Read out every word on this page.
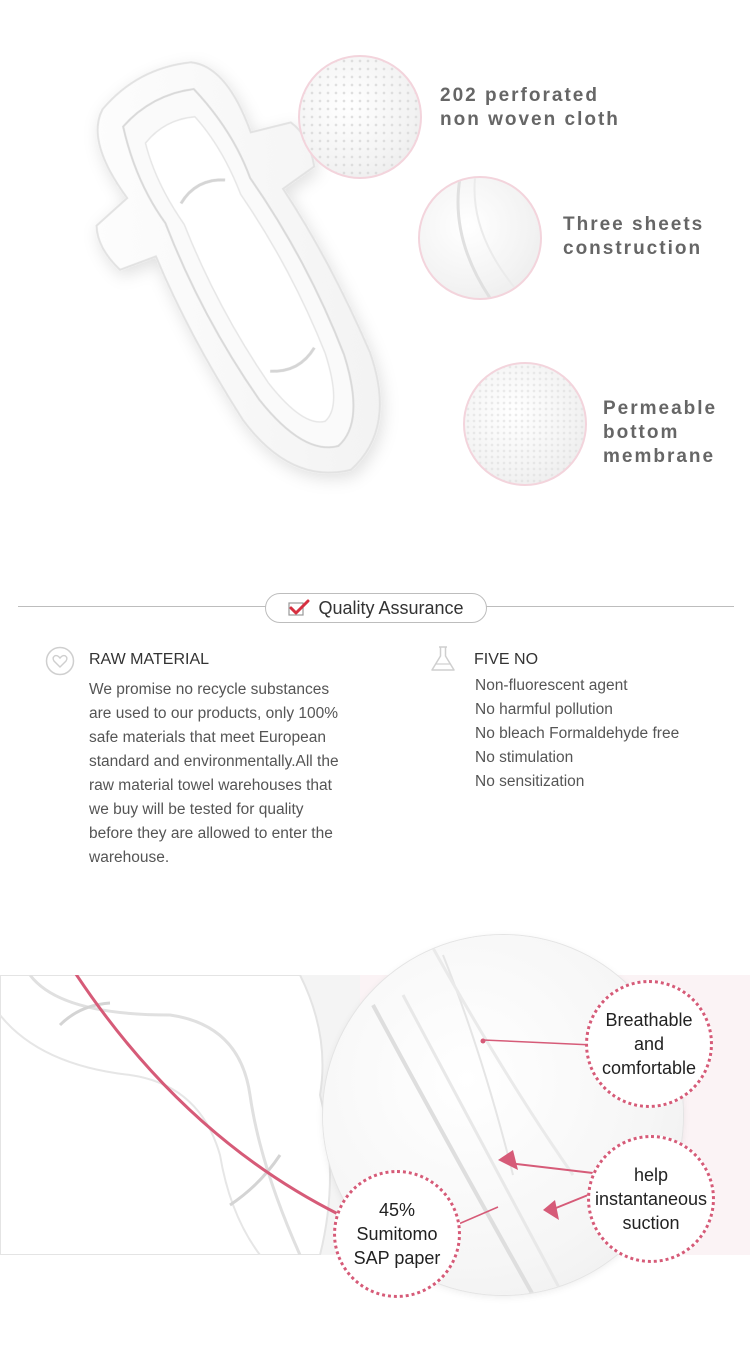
202 perforated
non woven cloth
Three sheets
construction
Permeable
bottom
membrane
Quality Assurance
RAW MATERIAL
We promise no recycle substances
are used to our products, only 100%
safe materials that meet European
standard and environmentally.All the
raw material towel warehouses that
we buy will be tested for quality
before they are allowed to enter the
warehouse.
FIVE NO
Non-fluorescent agent
No harmful pollution
No bleach Formaldehyde free
No stimulation
No sensitization
Breathable
and
comfortable
help
instantaneous
suction
45%
Sumitomo
SAP paper
